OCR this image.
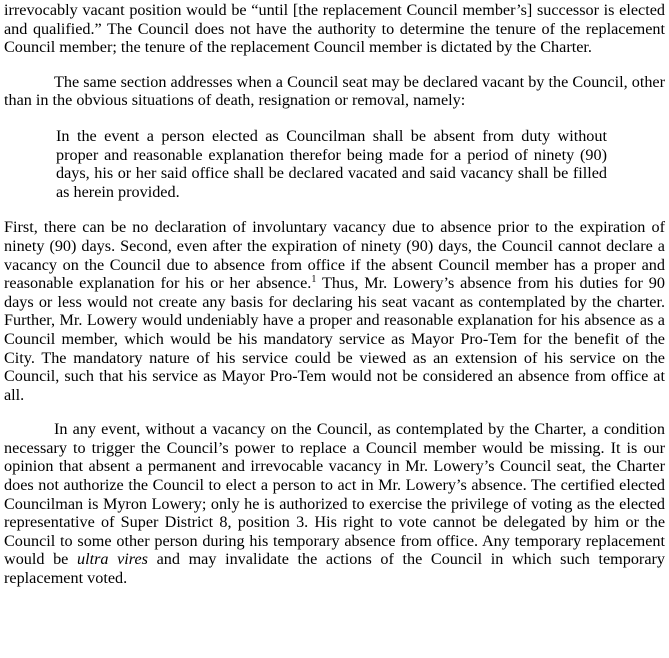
irrevocably vacant position would be “until [the replacement Council member’s] successor is elected and qualified.” The Council does not have the authority to determine the tenure of the replacement Council member; the tenure of the replacement Council member is dictated by the Charter.

The same section addresses when a Council seat may be declared vacant by the Council, other than in the obvious situations of death, resignation or removal, namely:

In the event a person elected as Councilman shall be absent from duty without proper and reasonable explanation therefor being made for a period of ninety (90) days, his or her said office shall be declared vacated and said vacancy shall be filled as herein provided.

First, there can be no declaration of involuntary vacancy due to absence prior to the expiration of ninety (90) days. Second, even after the expiration of ninety (90) days, the Council cannot declare a vacancy on the Council due to absence from office if the absent Council member has a proper and reasonable explanation for his or her absence.$^1$ Thus, Mr. Lowery’s absence from his duties for 90 days or less would not create any basis for declaring his seat vacant as contemplated by the charter. Further, Mr. Lowery would undeniably have a proper and reasonable explanation for his absence as a Council member, which would be his mandatory service as Mayor Pro-Tem for the benefit of the City. The mandatory nature of his service could be viewed as an extension of his service on the Council, such that his service as Mayor Pro-Tem would not be considered an absence from office at all.

In any event, without a vacancy on the Council, as contemplated by the Charter, a condition necessary to trigger the Council’s power to replace a Council member would be missing. It is our opinion that absent a permanent and irrevocable vacancy in Mr. Lowery’s Council seat, the Charter does not authorize the Council to elect a person to act in Mr. Lowery’s absence. The certified elected Councilman is Myron Lowery; only he is authorized to exercise the privilege of voting as the elected representative of Super District 8, position 3. His right to vote cannot be delegated by him or the Council to some other person during his temporary absence from office. Any temporary replacement would be ultra vires and may invalidate the actions of the Council in which such temporary replacement voted.
